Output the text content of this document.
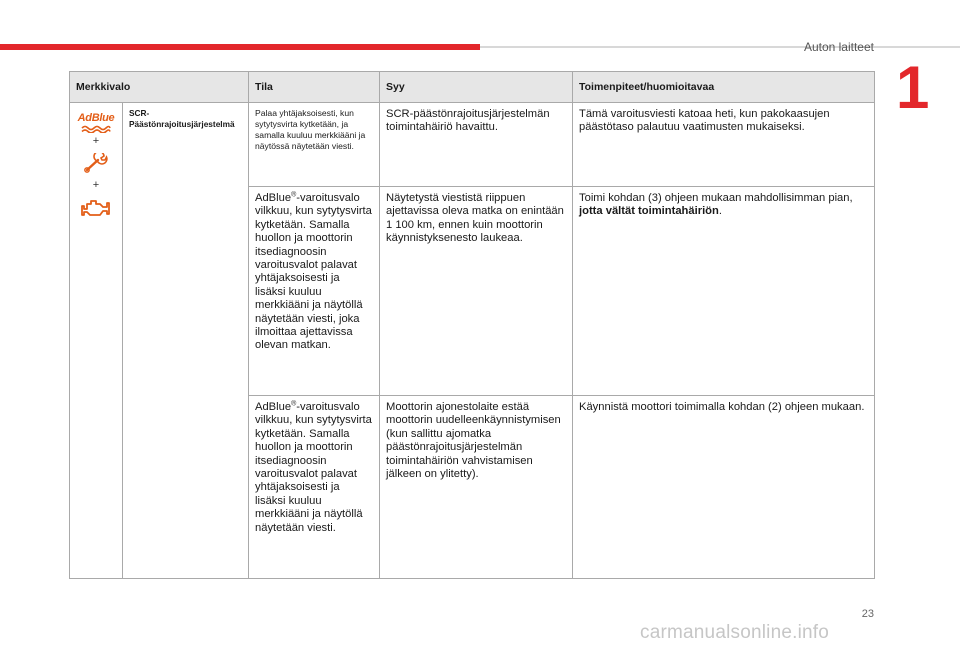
Auton laitteet
1
Merkkivalo		Tila	Syy	Toimenpiteet/huomioitavaa

AdBlue
+
+	SCR-Päästönrajoitusjärjestelmä	Palaa yhtäjaksoisesti, kun sytytysvirta kytketään, ja samalla kuuluu merkkiääni ja näytössä näytetään viesti.	SCR-päästönrajoitusjärjestelmän toimintahäiriö havaittu.	Tämä varoitusviesti katoaa heti, kun pakokaasujen päästötaso palautuu vaatimusten mukaiseksi.
		AdBlue®-varoitusvalo vilkkuu, kun sytytysvirta kytketään. Samalla huollon ja moottorin itsediagnoosin varoitusvalot palavat yhtäjaksoisesti ja lisäksi kuuluu merkkiääni ja näytöllä näytetään viesti, joka ilmoittaa ajettavissa olevan matkan.	Näytetystä viestistä riippuen ajettavissa oleva matka on enintään 1 100 km, ennen kuin moottorin käynnistyksenesto laukeaa.	Toimi kohdan (3) ohjeen mukaan mahdollisimman pian, jotta vältät toimintahäiriön.
		AdBlue®-varoitusvalo vilkkuu, kun sytytysvirta kytketään. Samalla huollon ja moottorin itsediagnoosin varoitusvalot palavat yhtäjaksoisesti ja lisäksi kuuluu merkkiääni ja näytöllä näytetään viesti.	Moottorin ajonestolaite estää moottorin uudelleenkäynnistymisen (kun sallittu ajomatka päästönrajoitusjärjestelmän toimintahäiriön vahvistamisen jälkeen on ylitetty).	Käynnistä moottori toimimalla kohdan (2) ohjeen mukaan.
23
carmanualsonline.info
